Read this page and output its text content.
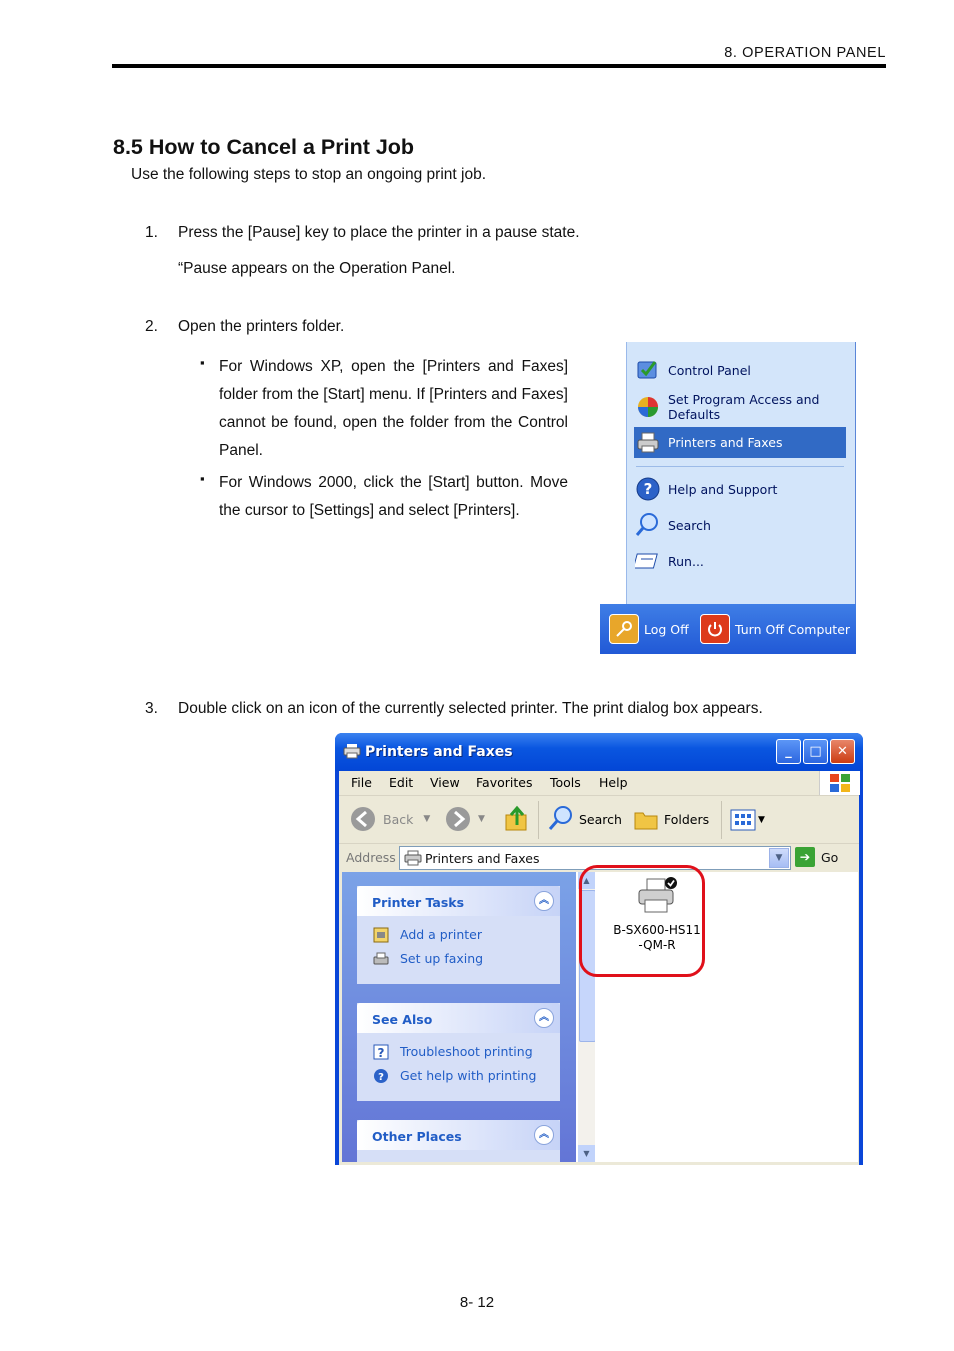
8. OPERATION PANEL
8.5 How to Cancel a Print Job
Use the following steps to stop an ongoing print job.
1. Press the [Pause] key to place the printer in a pause state.
“Pause appears on the Operation Panel.
2. Open the printers folder.
▪ For Windows XP, open the [Printers and Faxes] folder from the [Start] menu. If [Printers and Faxes] cannot be found, open the folder from the Control Panel.
▪ For Windows 2000, click the [Start] button. Move the cursor to [Settings] and select [Printers].
Control Panel
Set Program Access and Defaults
Printers and Faxes
? Help and Support
Search
Run...
Log Off	Turn Off Computer
3. Double click on an icon of the currently selected printer. The print dialog box appears.
Printers and Faxes	_ □ ✕
File Edit View Favorites Tools Help
Back ▼	▼	Search	Folders	▼
Address Printers and Faxes	▼	➔ Go
Printer Tasks	︽
Add a printer
Set up faxing
See Also	︽
? Troubleshoot printing
? Get help with printing
Other Places	︽
▲
▼
B-SX600-HS11
-QM-R
8- 12
